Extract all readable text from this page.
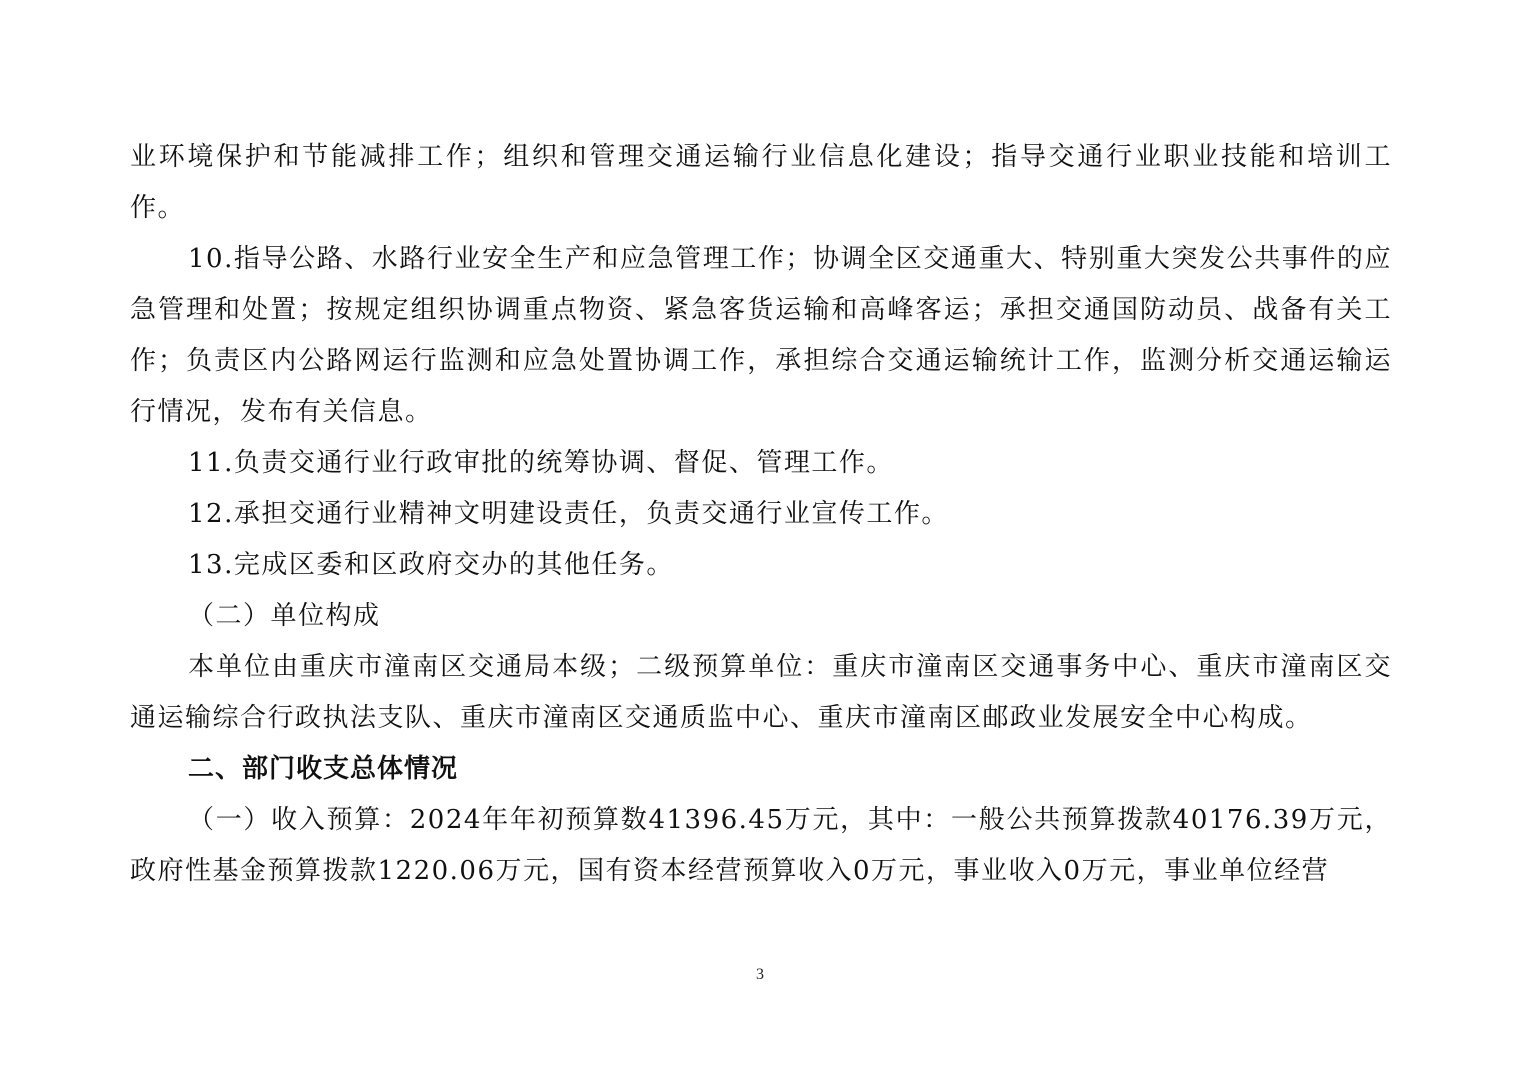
业环境保护和节能减排工作；组织和管理交通运输行业信息化建设；指导交通行业职业技能和培训工作。

10.指导公路、水路行业安全生产和应急管理工作；协调全区交通重大、特别重大突发公共事件的应急管理和处置；按规定组织协调重点物资、紧急客货运输和高峰客运；承担交通国防动员、战备有关工作；负责区内公路网运行监测和应急处置协调工作，承担综合交通运输统计工作，监测分析交通运输运行情况，发布有关信息。

11.负责交通行业行政审批的统筹协调、督促、管理工作。

12.承担交通行业精神文明建设责任，负责交通行业宣传工作。

13.完成区委和区政府交办的其他任务。

（二）单位构成

本单位由重庆市潼南区交通局本级；二级预算单位：重庆市潼南区交通事务中心、重庆市潼南区交通运输综合行政执法支队、重庆市潼南区交通质监中心、重庆市潼南区邮政业发展安全中心构成。

二、部门收支总体情况

（一）收入预算：2024年年初预算数41396.45万元，其中：一般公共预算拨款40176.39万元，政府性基金预算拨款1220.06万元，国有资本经营预算收入0万元，事业收入0万元，事业单位经营

3
